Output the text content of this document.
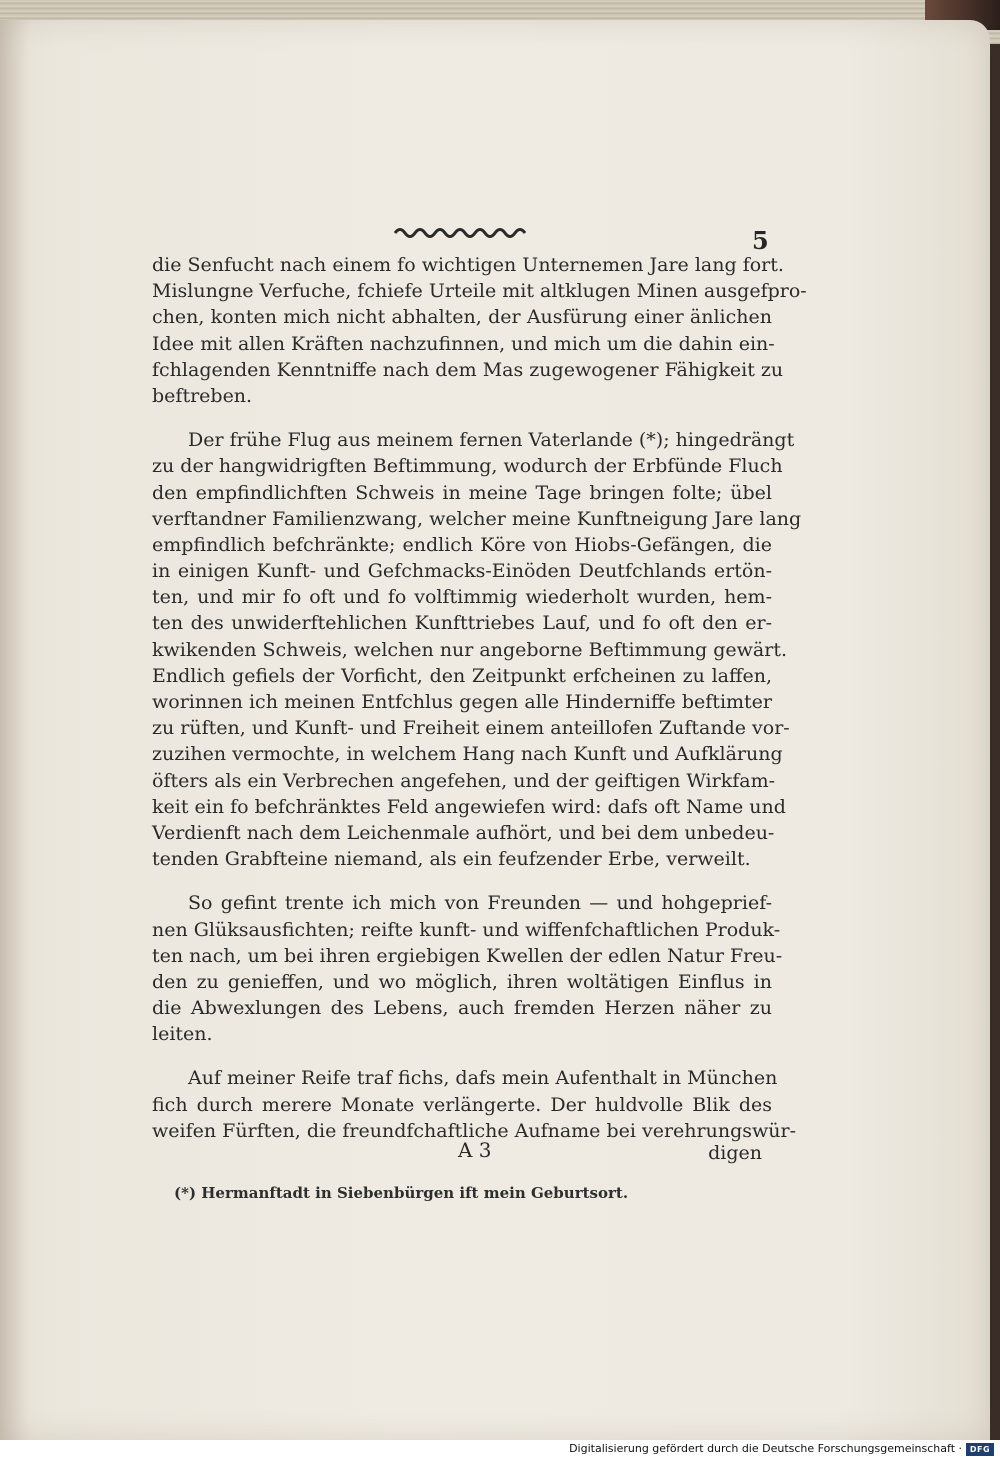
5
die Senfucht nach einem fo wichtigen Unternemen Jare lang fort.
Mislungne Verfuche, fchiefe Urteile mit altklugen Minen ausgefpro-
chen, konten mich nicht abhalten, der Ausfürung einer änlichen
Idee mit allen Kräften nachzufinnen, und mich um die dahin ein-
fchlagenden Kenntniffe nach dem Mas zugewogener Fähigkeit zu
beftreben.
Der frühe Flug aus meinem fernen Vaterlande (*); hingedrängt
zu der hangwidrigften Beftimmung, wodurch der Erbfünde Fluch
den empfindlichften Schweis in meine Tage bringen folte; übel
verftandner Familienzwang, welcher meine Kunftneigung Jare lang
empfindlich befchränkte; endlich Köre von Hiobs-Gefängen, die
in einigen Kunft- und Gefchmacks-Einöden Deutfchlands ertön-
ten, und mir fo oft und fo volftimmig wiederholt wurden, hem-
ten des unwiderftehlichen Kunfttriebes Lauf, und fo oft den er-
kwikenden Schweis, welchen nur angeborne Beftimmung gewärt.
Endlich gefiels der Vorficht, den Zeitpunkt erfcheinen zu laffen,
worinnen ich meinen Entfchlus gegen alle Hinderniffe beftimter
zu rüften, und Kunft- und Freiheit einem anteillofen Zuftande vor-
zuzihen vermochte, in welchem Hang nach Kunft und Aufklärung
öfters als ein Verbrechen angefehen, und der geiftigen Wirkfam-
keit ein fo befchränktes Feld angewiefen wird: dafs oft Name und
Verdienft nach dem Leichenmale aufhört, und bei dem unbedeu-
tenden Grabfteine niemand, als ein feufzender Erbe, verweilt.
So gefint trente ich mich von Freunden — und hohgeprief-
nen Glüksausfichten; reifte kunft- und wiffenfchaftlichen Produk-
ten nach, um bei ihren ergiebigen Kwellen der edlen Natur Freu-
den zu genieffen, und wo möglich, ihren woltätigen Einflus in
die Abwexlungen des Lebens, auch fremden Herzen näher zu
leiten.
Auf meiner Reife traf fichs, dafs mein Aufenthalt in München
fich durch merere Monate verlängerte. Der huldvolle Blik des
weifen Fürften, die freundfchaftliche Aufname bei verehrungswür-
A 3	digen
(*) Hermanftadt in Siebenbürgen ift mein Geburtsort.
Digitalisierung gefördert durch die Deutsche Forschungsgemeinschaft · DFG
